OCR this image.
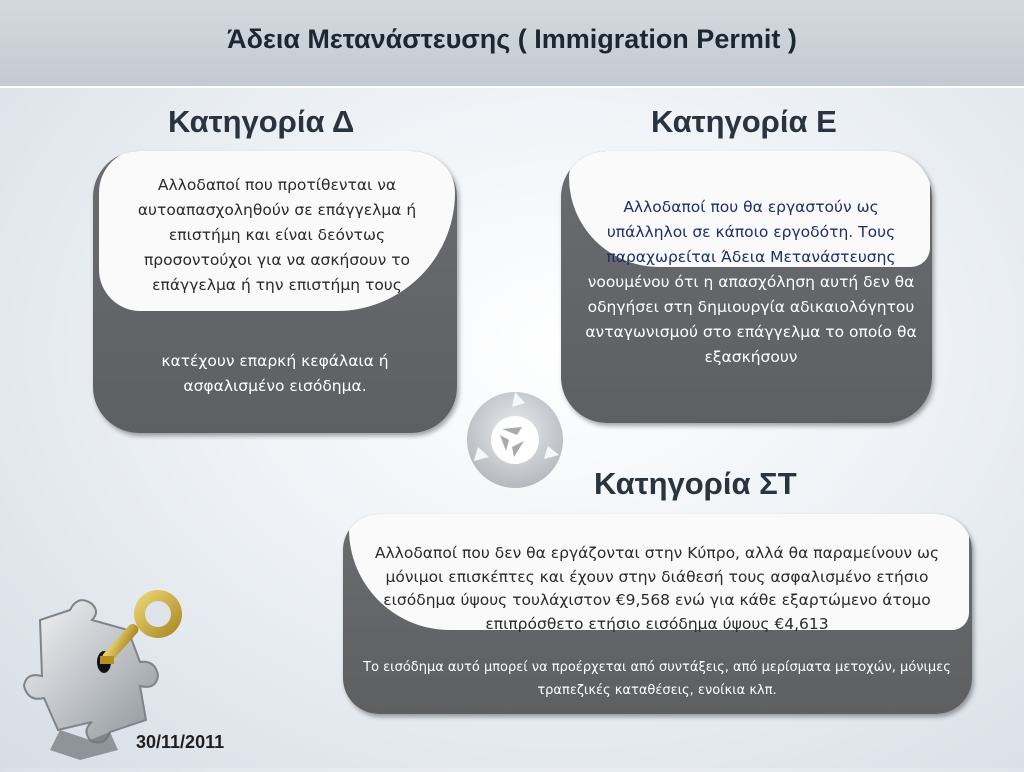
Άδεια Μετανάστευσης ( Immigration Permit )
Κατηγορία Δ
Αλλοδαποί που προτίθενται να αυτοαπασχοληθούν σε επάγγελμα ή επιστήμη και είναι δεόντως προσοντούχοι για να ασκήσουν το επάγγελμα ή την επιστήμη τους
κατέχουν επαρκή κεφάλαια ή ασφαλισμένο εισόδημα.
Κατηγορία Ε
Αλλοδαποί που θα εργαστούν ως υπάλληλοι σε κάποιο εργοδότη. Τους παραχωρείται Άδεια Μετανάστευσης
νοουμένου ότι η απασχόληση αυτή δεν θα οδηγήσει στη δημιουργία αδικαιολόγητου ανταγωνισμού στο επάγγελμα το οποίο θα εξασκήσουν
Κατηγορία ΣΤ
Αλλοδαποί που δεν θα εργάζονται στην Κύπρο, αλλά θα παραμείνουν ως μόνιμοι επισκέπτες και έχουν στην διάθεσή τους ασφαλισμένο ετήσιο εισόδημα ύψους τουλάχιστον €9,568 ενώ για κάθε εξαρτώμενο άτομο επιπρόσθετο ετήσιο εισόδημα ύψους €4,613
Το εισόδημα αυτό μπορεί να προέρχεται από συντάξεις, από μερίσματα μετοχών, μόνιμες τραπεζικές καταθέσεις, ενοίκια κλπ.
30/11/2011
